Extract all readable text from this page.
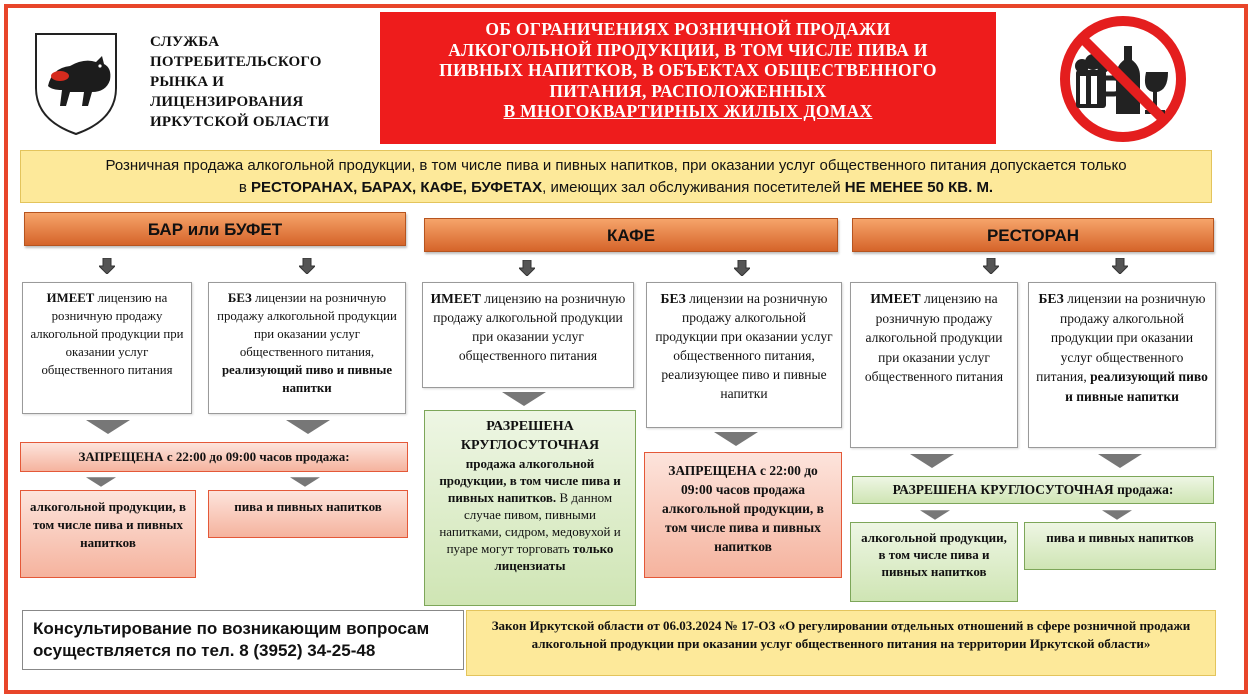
СЛУЖБА
ПОТРЕБИТЕЛЬСКОГО
РЫНКА И
ЛИЦЕНЗИРОВАНИЯ
ИРКУТСКОЙ ОБЛАСТИ
ОБ ОГРАНИЧЕНИЯХ РОЗНИЧНОЙ ПРОДАЖИ
АЛКОГОЛЬНОЙ ПРОДУКЦИИ, В ТОМ ЧИСЛЕ ПИВА И
ПИВНЫХ НАПИТКОВ, В ОБЪЕКТАХ ОБЩЕСТВЕННОГО
ПИТАНИЯ, РАСПОЛОЖЕННЫХ
В МНОГОКВАРТИРНЫХ ЖИЛЫХ ДОМАХ
Розничная продажа алкогольной продукции, в том числе пива и пивных напитков, при оказании услуг общественного питания допускается только
в РЕСТОРАНАХ, БАРАХ, КАФЕ, БУФЕТАХ, имеющих зал обслуживания посетителей НЕ МЕНЕЕ 50 КВ. М.
БАР или БУФЕТ
ИМЕЕТ лицензию на розничную продажу алкогольной продукции при оказании услуг общественного питания
БЕЗ лицензии на розничную продажу алкогольной продукции при оказании услуг общественного питания, реализующий пиво и пивные напитки
ЗАПРЕЩЕНА с 22:00 до 09:00 часов продажа:
алкогольной продукции, в том числе пива и пивных напитков
пива и пивных напитков
КАФЕ
ИМЕЕТ лицензию на розничную продажу алкогольной продукции при оказании услуг общественного питания
БЕЗ лицензии на розничную продажу алкогольной продукции при оказании услуг общественного питания, реализующее пиво и пивные напитки
РАЗРЕШЕНА
КРУГЛОСУТОЧНАЯ
продажа алкогольной продукции, в том числе пива и пивных напитков. В данном случае пивом, пивными напитками, сидром, медовухой и пуаре могут торговать только лицензиаты
ЗАПРЕЩЕНА с 22:00 до 09:00 часов продажа алкогольной продукции, в том числе пива и пивных напитков
РЕСТОРАН
ИМЕЕТ лицензию на розничную продажу алкогольной продукции при оказании услуг общественного питания
БЕЗ лицензии на розничную продажу алкогольной продукции при оказании услуг общественного питания, реализующий пиво и пивные напитки
РАЗРЕШЕНА КРУГЛОСУТОЧНАЯ продажа:
алкогольной продукции, в том числе пива и пивных напитков
пива и пивных напитков
Консультирование по возникающим вопросам осуществляется по тел. 8 (3952) 34-25-48
Закон Иркутской области от 06.03.2024 № 17-ОЗ «О регулировании отдельных отношений в сфере розничной продажи алкогольной продукции при оказании услуг общественного питания на территории Иркутской области»
